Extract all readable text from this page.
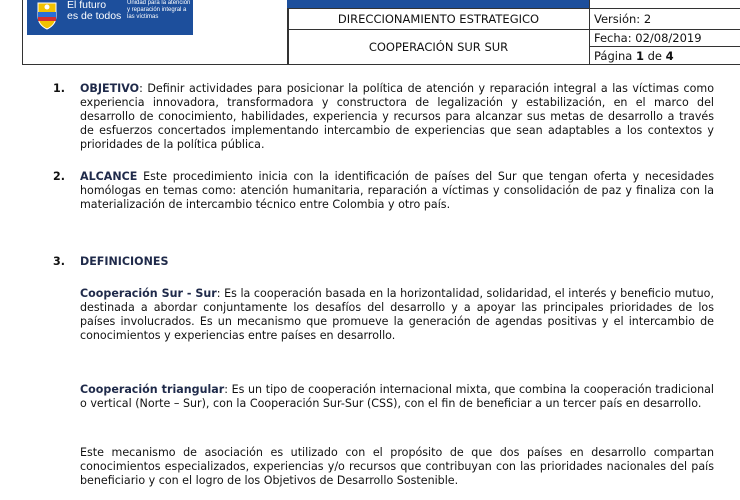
El futuro
es de todos
Unidad para la atención y reparación integral a las víctimas	DIRECCIONAMIENTO ESTRATEGICO
COOPERACIÓN SUR SUR
Versión: 2
Fecha: 02/08/2019
Página 1 de 4
1. OBJETIVO: Definir actividades para posicionar la política de atención y reparación integral a las víctimas como experiencia innovadora, transformadora y constructora de legalización y estabilización, en el marco del desarrollo de conocimiento, habilidades, experiencia y recursos para alcanzar sus metas de desarrollo a través de esfuerzos concertados implementando intercambio de experiencias que sean adaptables a los contextos y prioridades de la política pública.
2. ALCANCE Este procedimiento inicia con la identificación de países del Sur que tengan oferta y necesidades homólogas en temas como: atención humanitaria, reparación a víctimas y consolidación de paz y finaliza con la materialización de intercambio técnico entre Colombia y otro país.
3. DEFINICIONES
Cooperación Sur - Sur: Es la cooperación basada en la horizontalidad, solidaridad, el interés y beneficio mutuo, destinada a abordar conjuntamente los desafíos del desarrollo y a apoyar las principales prioridades de los países involucrados. Es un mecanismo que promueve la generación de agendas positivas y el intercambio de conocimientos y experiencias entre países en desarrollo.
Cooperación triangular: Es un tipo de cooperación internacional mixta, que combina la cooperación tradicional o vertical (Norte – Sur), con la Cooperación Sur-Sur (CSS), con el fin de beneficiar a un tercer país en desarrollo.
Este mecanismo de asociación es utilizado con el propósito de que dos países en desarrollo compartan conocimientos especializados, experiencias y/o recursos que contribuyan con las prioridades nacionales del país beneficiario y con el logro de los Objetivos de Desarrollo Sostenible.
